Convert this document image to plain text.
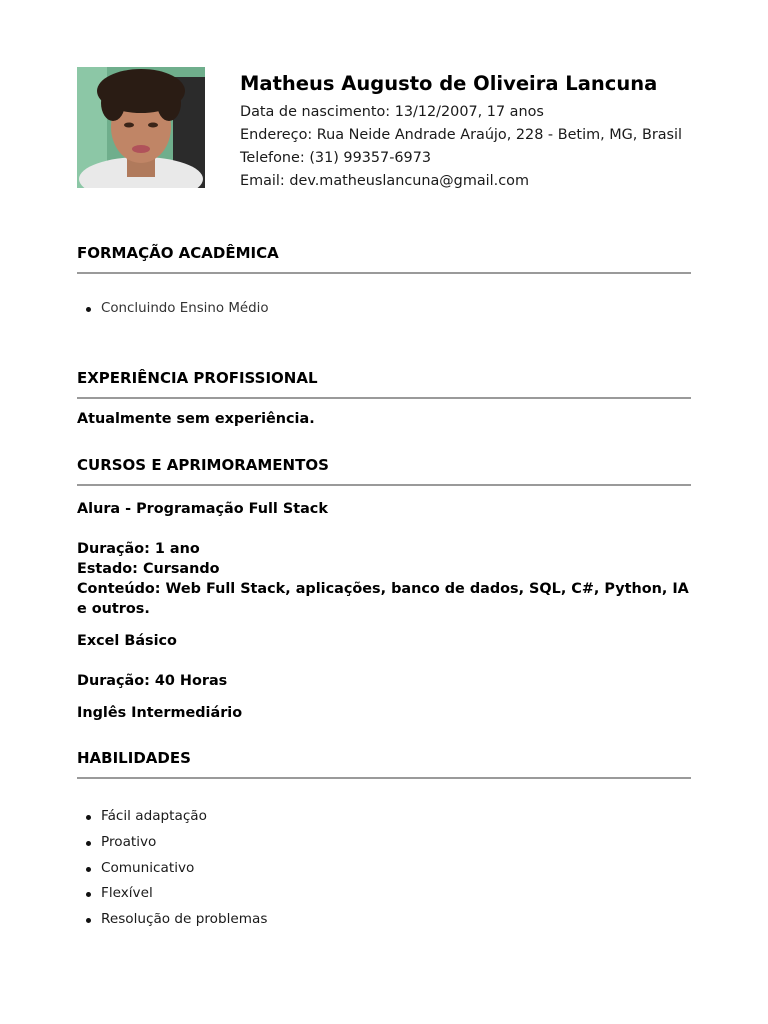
Matheus Augusto de Oliveira Lancuna
Data de nascimento: 13/12/2007, 17 anos
Endereço: Rua Neide Andrade Araújo, 228 - Betim, MG, Brasil
Telefone: (31) 99357-6973
Email: dev.matheuslancuna@gmail.com
FORMAÇÃO ACADÊMICA
Concluindo Ensino Médio
EXPERIÊNCIA PROFISSIONAL
Atualmente sem experiência.
CURSOS E APRIMORAMENTOS
Alura - Programação Full Stack
Duração: 1 ano
Estado: Cursando
Conteúdo: Web Full Stack, aplicações, banco de dados, SQL, C#, Python, IA e outros.
Excel Básico
Duração: 40 Horas
Inglês Intermediário
HABILIDADES
Fácil adaptação
Proativo
Comunicativo
Flexível
Resolução de problemas
